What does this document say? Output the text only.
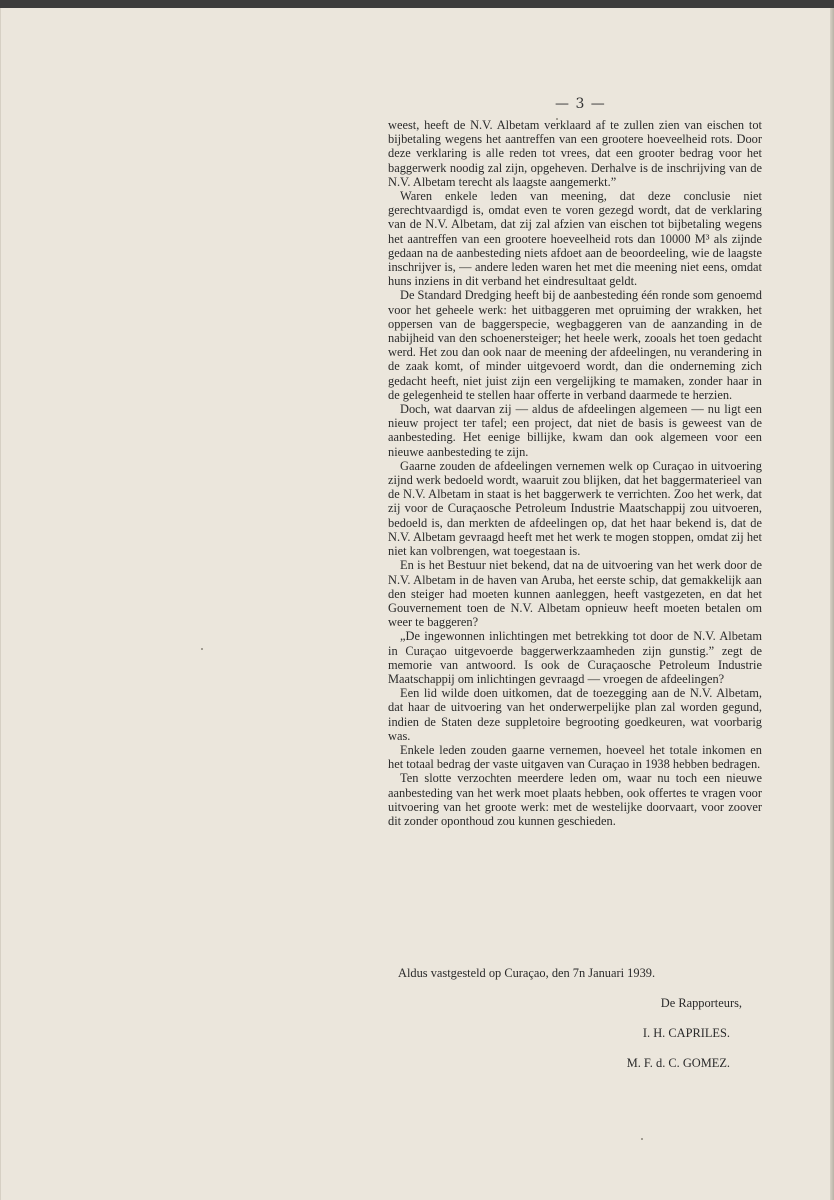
— 3 —

weest, heeft de N.V. Albetam verklaard af te zullen zien van eischen tot bijbetaling wegens het aantreffen van een grootere hoeveelheid rots. Door deze verklaring is alle reden tot vrees, dat een grooter bedrag voor het baggerwerk noodig zal zijn, opgeheven. Derhalve is de inschrijving van de N.V. Albetam terecht als laagste aangemerkt.”

Waren enkele leden van meening, dat deze conclusie niet gerechtvaardigd is, omdat even te voren gezegd wordt, dat de verklaring van de N.V. Albetam, dat zij zal afzien van eischen tot bijbetaling wegens het aantreffen van een grootere hoeveelheid rots dan 10000 M³ als zijnde gedaan na de aanbesteding niets afdoet aan de beoordeeling, wie de laagste inschrijver is, — andere leden waren het met die meening niet eens, omdat huns inziens in dit verband het eindresultaat geldt.

De Standard Dredging heeft bij de aanbesteding één ronde som genoemd voor het geheele werk: het uitbaggeren met opruiming der wrakken, het oppersen van de baggerspecie, wegbaggeren van de aanzanding in de nabijheid van den schoenersteiger; het heele werk, zooals het toen gedacht werd. Het zou dan ook naar de meening der afdeelingen, nu verandering in de zaak komt, of minder uitgevoerd wordt, dan die onderneming zich gedacht heeft, niet juist zijn een vergelijking te mamaken, zonder haar in de gelegenheid te stellen haar offerte in verband daarmede te herzien.

Doch, wat daarvan zij — aldus de afdeelingen algemeen — nu ligt een nieuw project ter tafel; een project, dat niet de basis is geweest van de aanbesteding. Het eenige billijke, kwam dan ook algemeen voor een nieuwe aanbesteding te zijn.

Gaarne zouden de afdeelingen vernemen welk op Curaçao in uitvoering zijnd werk bedoeld wordt, waaruit zou blijken, dat het baggermaterieel van de N.V. Albetam in staat is het baggerwerk te verrichten. Zoo het werk, dat zij voor de Curaçaosche Petroleum Industrie Maatschappij zou uitvoeren, bedoeld is, dan merkten de afdeelingen op, dat het haar bekend is, dat de N.V. Albetam gevraagd heeft met het werk te mogen stoppen, omdat zij het niet kan volbrengen, wat toegestaan is.

En is het Bestuur niet bekend, dat na de uitvoering van het werk door de N.V. Albetam in de haven van Aruba, het eerste schip, dat gemakkelijk aan den steiger had moeten kunnen aanleggen, heeft vastgezeten, en dat het Gouvernement toen de N.V. Albetam opnieuw heeft moeten betalen om weer te baggeren?

„De ingewonnen inlichtingen met betrekking tot door de N.V. Albetam in Curaçao uitgevoerde baggerwerkzaamheden zijn gunstig.” zegt de memorie van antwoord. Is ook de Curaçaosche Petroleum Industrie Maatschappij om inlichtingen gevraagd — vroegen de afdeelingen?

Een lid wilde doen uitkomen, dat de toezegging aan de N.V. Albetam, dat haar de uitvoering van het onderwerpelijke plan zal worden gegund, indien de Staten deze suppletoire begrooting goedkeuren, wat voorbarig was.

Enkele leden zouden gaarne vernemen, hoeveel het totale inkomen en het totaal bedrag der vaste uitgaven van Curaçao in 1938 hebben bedragen.

Ten slotte verzochten meerdere leden om, waar nu toch een nieuwe aanbesteding van het werk moet plaats hebben, ook offertes te vragen voor uitvoering van het groote werk: met de westelijke doorvaart, voor zoover dit zonder oponthoud zou kunnen geschieden.

Aldus vastgesteld op Curaçao, den 7n Januari 1939.
De Rapporteurs,
I. H. CAPRILES.
M. F. d. C. GOMEZ.
